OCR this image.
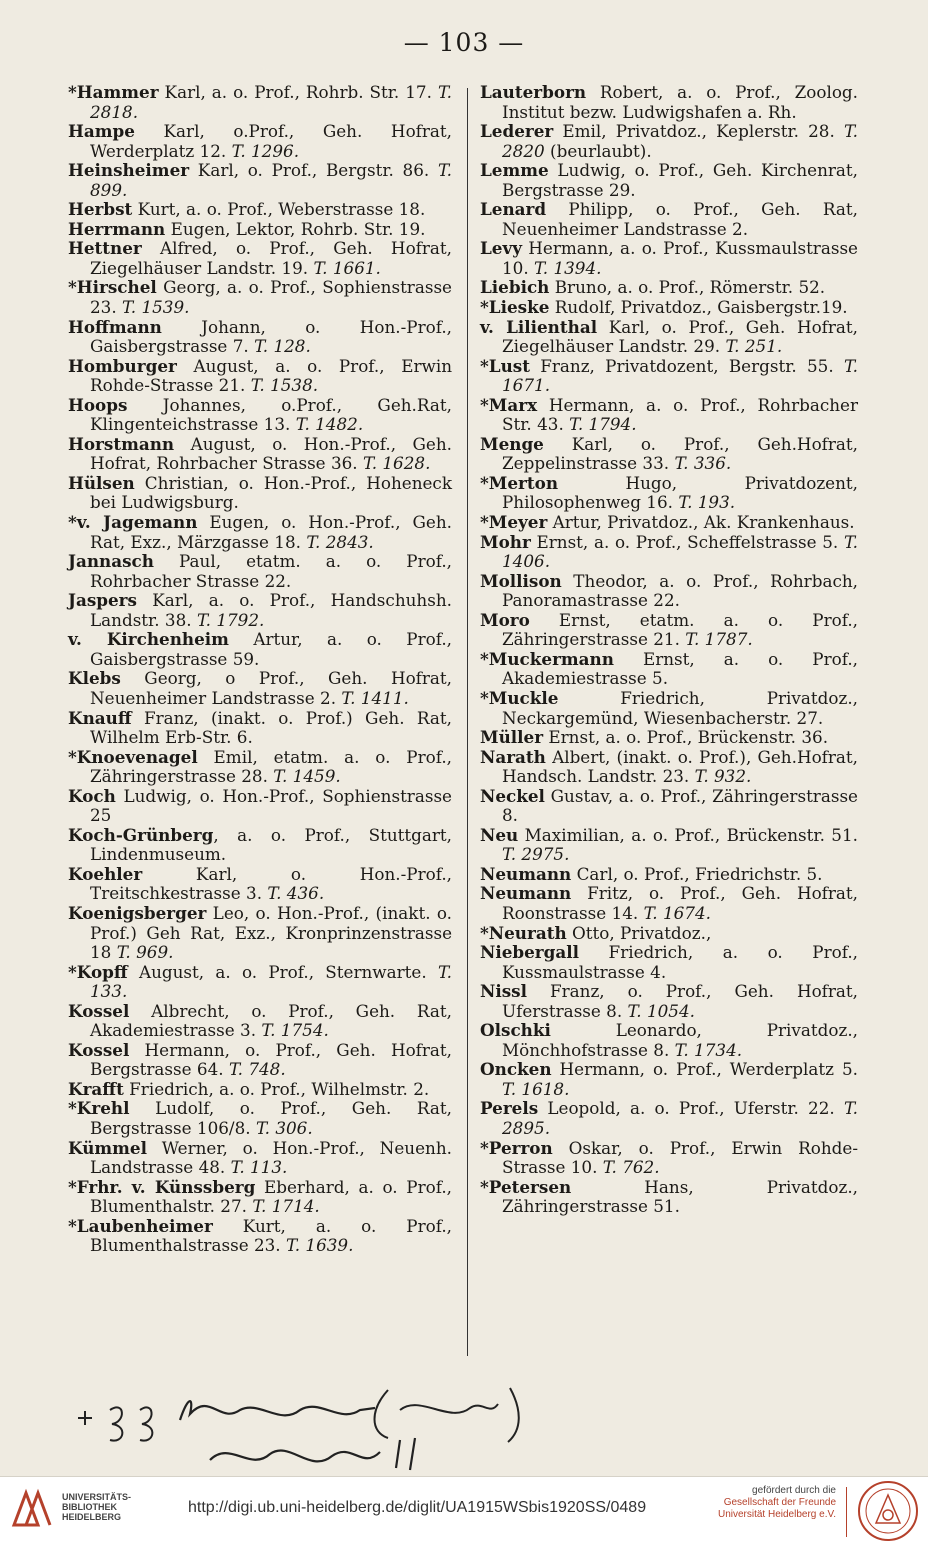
— 103 —
*Hammer Karl, a. o. Prof., Rohrb. Str. 17. T. 2818.
Hampe Karl, o.Prof., Geh. Hofrat, Werderplatz 12. T. 1296.
Heinsheimer Karl, o. Prof., Bergstr. 86. T. 899.
Herbst Kurt, a. o. Prof., Weberstrasse 18.
Herrmann Eugen, Lektor, Rohrb. Str. 19.
Hettner Alfred, o. Prof., Geh. Hofrat, Ziegelhäuser Landstr. 19. T. 1661.
*Hirschel Georg, a. o. Prof., Sophienstrasse 23. T. 1539.
Hoffmann Johann, o. Hon.-Prof., Gaisbergstrasse 7. T. 128.
Homburger August, a. o. Prof., Erwin Rohde-Strasse 21. T. 1538.
Hoops Johannes, o.Prof., Geh.Rat, Klingenteichstrasse 13. T. 1482.
Horstmann August, o. Hon.-Prof., Geh. Hofrat, Rohrbacher Strasse 36. T. 1628.
Hülsen Christian, o. Hon.-Prof., Hoheneck bei Ludwigsburg.
*v. Jagemann Eugen, o. Hon.-Prof., Geh. Rat, Exz., Märzgasse 18. T. 2843.
Jannasch Paul, etatm. a. o. Prof., Rohrbacher Strasse 22.
Jaspers Karl, a. o. Prof., Handschuhsh. Landstr. 38. T. 1792.
v. Kirchenheim Artur, a. o. Prof., Gaisbergstrasse 59.
Klebs Georg, o Prof., Geh. Hofrat, Neuenheimer Landstrasse 2. T. 1411.
Knauff Franz, (inakt. o. Prof.) Geh. Rat, Wilhelm Erb-Str. 6.
*Knoevenagel Emil, etatm. a. o. Prof., Zähringerstrasse 28. T. 1459.
Koch Ludwig, o. Hon.-Prof., Sophienstrasse 25
Koch-Grünberg, a. o. Prof., Stuttgart, Lindenmuseum.
Koehler Karl, o. Hon.-Prof., Treitschkestrasse 3. T. 436.
Koenigsberger Leo, o. Hon.-Prof., (inakt. o. Prof.) Geh Rat, Exz., Kronprinzenstrasse 18 T. 969.
*Kopff August, a. o. Prof., Sternwarte. T. 133.
Kossel Albrecht, o. Prof., Geh. Rat, Akademiestrasse 3. T. 1754.
Kossel Hermann, o. Prof., Geh. Hofrat, Bergstrasse 64. T. 748.
Krafft Friedrich, a. o. Prof., Wilhelmstr. 2.
*Krehl Ludolf, o. Prof., Geh. Rat, Bergstrasse 106/8. T. 306.
Kümmel Werner, o. Hon.-Prof., Neuenh. Landstrasse 48. T. 113.
*Frhr. v. Künssberg Eberhard, a. o. Prof., Blumenthalstr. 27. T. 1714.
*Laubenheimer Kurt, a. o. Prof., Blumenthalstrasse 23. T. 1639.
Lauterborn Robert, a. o. Prof., Zoolog. Institut bezw. Ludwigshafen a. Rh.
Lederer Emil, Privatdoz., Keplerstr. 28. T. 2820 (beurlaubt).
Lemme Ludwig, o. Prof., Geh. Kirchenrat, Bergstrasse 29.
Lenard Philipp, o. Prof., Geh. Rat, Neuenheimer Landstrasse 2.
Levy Hermann, a. o. Prof., Kussmaulstrasse 10. T. 1394.
Liebich Bruno, a. o. Prof., Römerstr. 52.
*Lieske Rudolf, Privatdoz., Gaisbergstr.19.
v. Lilienthal Karl, o. Prof., Geh. Hofrat, Ziegelhäuser Landstr. 29. T. 251.
*Lust Franz, Privatdozent, Bergstr. 55. T. 1671.
*Marx Hermann, a. o. Prof., Rohrbacher Str. 43. T. 1794.
Menge Karl, o. Prof., Geh.Hofrat, Zeppelinstrasse 33. T. 336.
*Merton Hugo, Privatdozent, Philosophenweg 16. T. 193.
*Meyer Artur, Privatdoz., Ak. Krankenhaus.
Mohr Ernst, a. o. Prof., Scheffelstrasse 5. T. 1406.
Mollison Theodor, a. o. Prof., Rohrbach, Panoramastrasse 22.
Moro Ernst, etatm. a. o. Prof., Zähringerstrasse 21. T. 1787.
*Muckermann Ernst, a. o. Prof., Akademiestrasse 5.
*Muckle Friedrich, Privatdoz., Neckargemünd, Wiesenbacherstr. 27.
Müller Ernst, a. o. Prof., Brückenstr. 36.
Narath Albert, (inakt. o. Prof.), Geh.Hofrat, Handsch. Landstr. 23. T. 932.
Neckel Gustav, a. o. Prof., Zähringerstrasse 8.
Neu Maximilian, a. o. Prof., Brückenstr. 51. T. 2975.
Neumann Carl, o. Prof., Friedrichstr. 5.
Neumann Fritz, o. Prof., Geh. Hofrat, Roonstrasse 14. T. 1674.
*Neurath Otto, Privatdoz.,
Niebergall Friedrich, a. o. Prof., Kussmaulstrasse 4.
Nissl Franz, o. Prof., Geh. Hofrat, Uferstrasse 8. T. 1054.
Olschki Leonardo, Privatdoz., Mönchhofstrasse 8. T. 1734.
Oncken Hermann, o. Prof., Werderplatz 5. T. 1618.
Perels Leopold, a. o. Prof., Uferstr. 22. T. 2895.
*Perron Oskar, o. Prof., Erwin Rohde-Strasse 10. T. 762.
*Petersen Hans, Privatdoz., Zähringerstrasse 51.
UNIVERSITÄTS-
BIBLIOTHEK
HEIDELBERG
http://digi.ub.uni-heidelberg.de/diglit/UA1915WSbis1920SS/0489
gefördert durch die
Gesellschaft der Freunde
Universität Heidelberg e.V.
